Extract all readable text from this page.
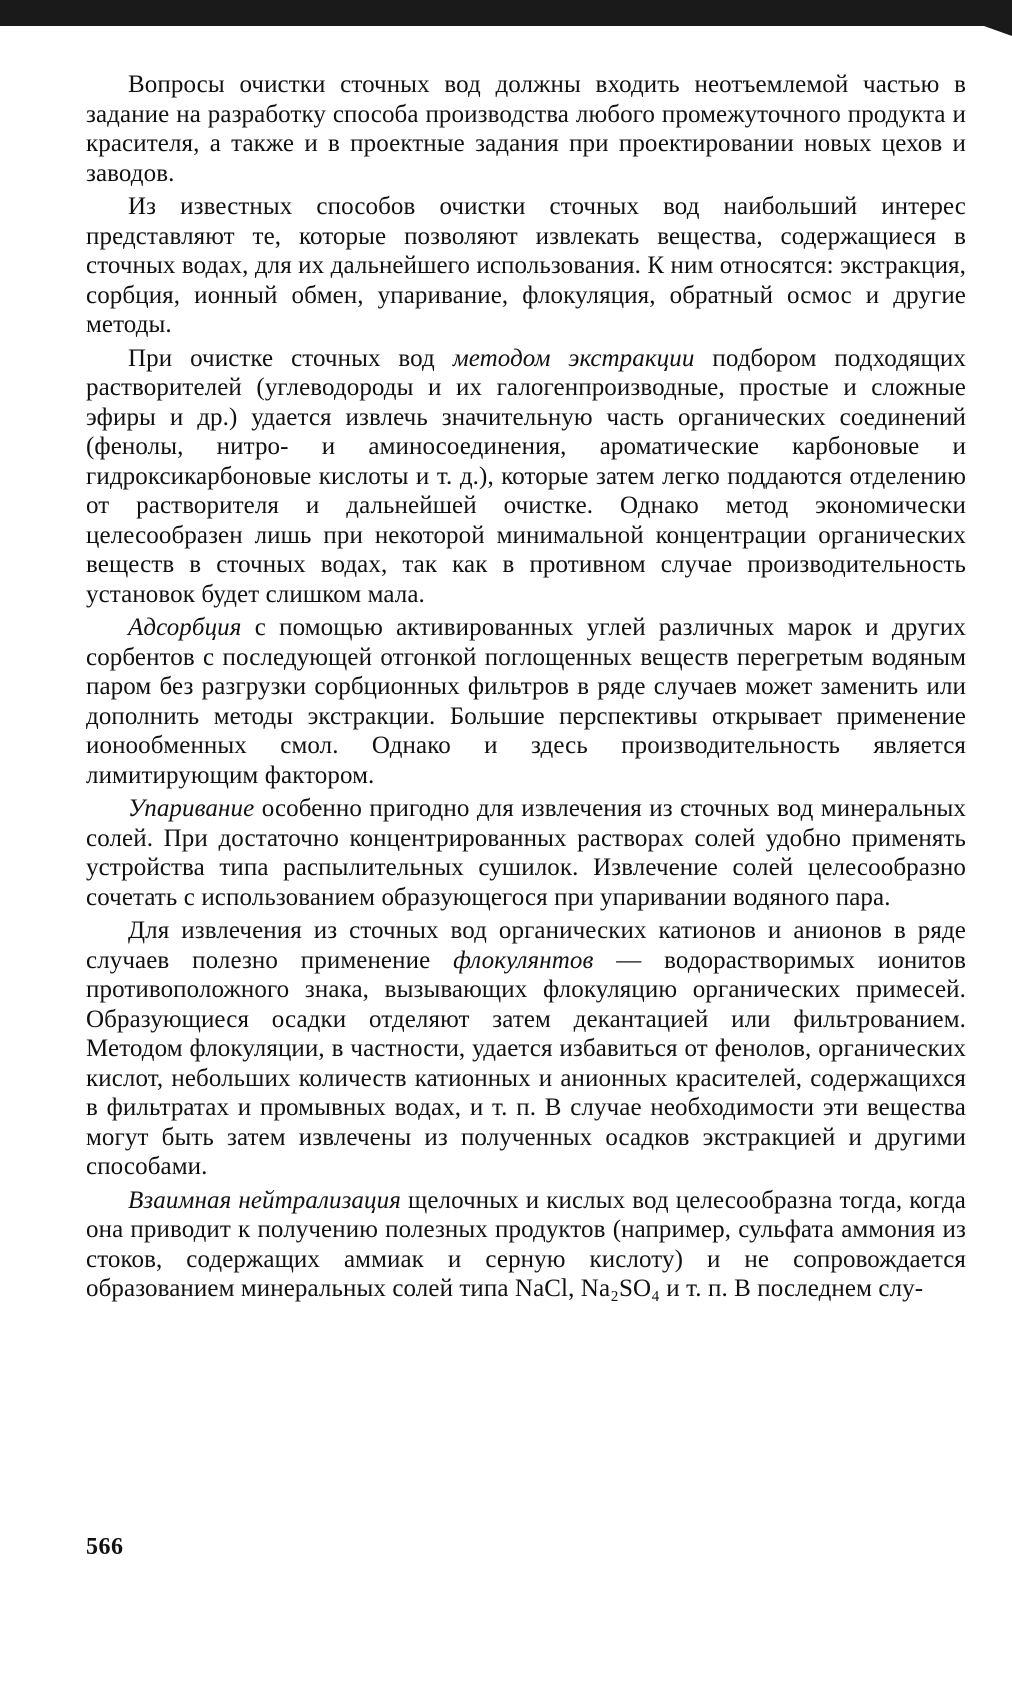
Вопросы очистки сточных вод должны входить неотъемлемой частью в задание на разработку способа производства любого промежуточного продукта и красителя, а также и в проектные задания при проектировании новых цехов и заводов.

Из известных способов очистки сточных вод наибольший интерес представляют те, которые позволяют извлекать вещества, содержащиеся в сточных водах, для их дальнейшего использования. К ним относятся: экстракция, сорбция, ионный обмен, упаривание, флокуляция, обратный осмос и другие методы.

При очистке сточных вод методом экстракции подбором подходящих растворителей (углеводороды и их галогенпроизводные, простые и сложные эфиры и др.) удается извлечь значительную часть органических соединений (фенолы, нитро- и аминосоединения, ароматические карбоновые и гидроксикарбоновые кислоты и т. д.), которые затем легко поддаются отделению от растворителя и дальнейшей очистке. Однако метод экономически целесообразен лишь при некоторой минимальной концентрации органических веществ в сточных водах, так как в противном случае производительность установок будет слишком мала.

Адсорбция с помощью активированных углей различных марок и других сорбентов с последующей отгонкой поглощенных веществ перегретым водяным паром без разгрузки сорбционных фильтров в ряде случаев может заменить или дополнить методы экстракции. Большие перспективы открывает применение ионообменных смол. Однако и здесь производительность является лимитирующим фактором.

Упаривание особенно пригодно для извлечения из сточных вод минеральных солей. При достаточно концентрированных растворах солей удобно применять устройства типа распылительных сушилок. Извлечение солей целесообразно сочетать с использованием образующегося при упаривании водяного пара.

Для извлечения из сточных вод органических катионов и анионов в ряде случаев полезно применение флокулянтов — водорастворимых ионитов противоположного знака, вызывающих флокуляцию органических примесей. Образующиеся осадки отделяют затем декантацией или фильтрованием. Методом флокуляции, в частности, удается избавиться от фенолов, органических кислот, небольших количеств катионных и анионных красителей, содержащихся в фильтратах и промывных водах, и т. п. В случае необходимости эти вещества могут быть затем извлечены из полученных осадков экстракцией и другими способами.

Взаимная нейтрализация щелочных и кислых вод целесообразна тогда, когда она приводит к получению полезных продуктов (например, сульфата аммония из стоков, содержащих аммиак и серную кислоту) и не сопровождается образованием минеральных солей типа NaCl, Na₂SO₄ и т. п. В последнем слу-

566
